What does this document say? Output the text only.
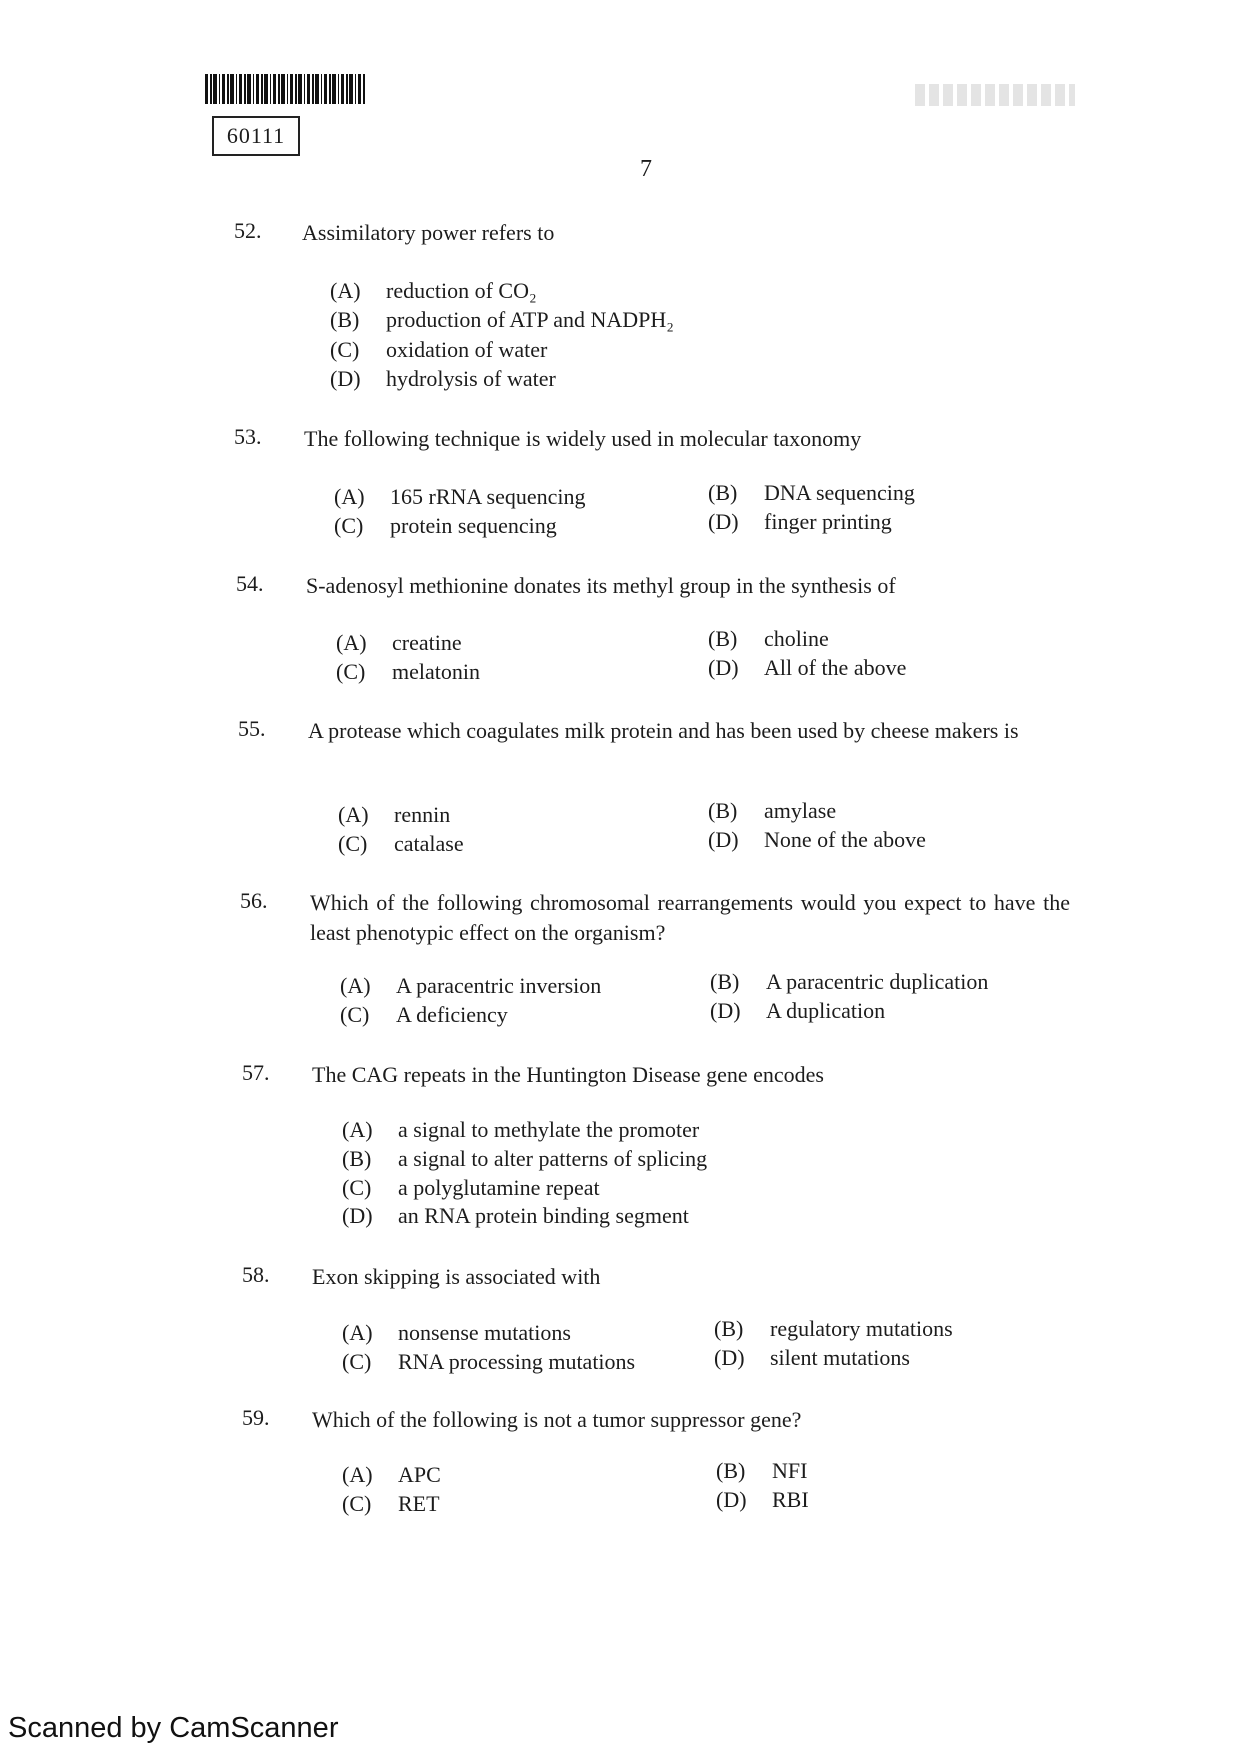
60111
7
52.	Assimilatory power refers to
(A) reduction of CO₂
(B) production of ATP and NADPH₂
(C) oxidation of water
(D) hydrolysis of water
53.	The following technique is widely used in molecular taxonomy
(A) 165 rRNA sequencing	(B) DNA sequencing
(C) protein sequencing	(D) finger printing
54.	S-adenosyl methionine donates its methyl group in the synthesis of
(A) creatine	(B) choline
(C) melatonin	(D) All of the above
55.	A protease which coagulates milk protein and has been used by cheese makers is
(A) rennin	(B) amylase
(C) catalase	(D) None of the above
56.	Which of the following chromosomal rearrangements would you expect to have the least phenotypic effect on the organism?
(A) A paracentric inversion	(B) A paracentric duplication
(C) A deficiency	(D) A duplication
57.	The CAG repeats in the Huntington Disease gene encodes
(A) a signal to methylate the promoter
(B) a signal to alter patterns of splicing
(C) a polyglutamine repeat
(D) an RNA protein binding segment
58.	Exon skipping is associated with
(A) nonsense mutations	(B) regulatory mutations
(C) RNA processing mutations	(D) silent mutations
59.	Which of the following is not a tumor suppressor gene?
(A) APC	(B) NFI
(C) RET	(D) RBI
Scanned by CamScanner
